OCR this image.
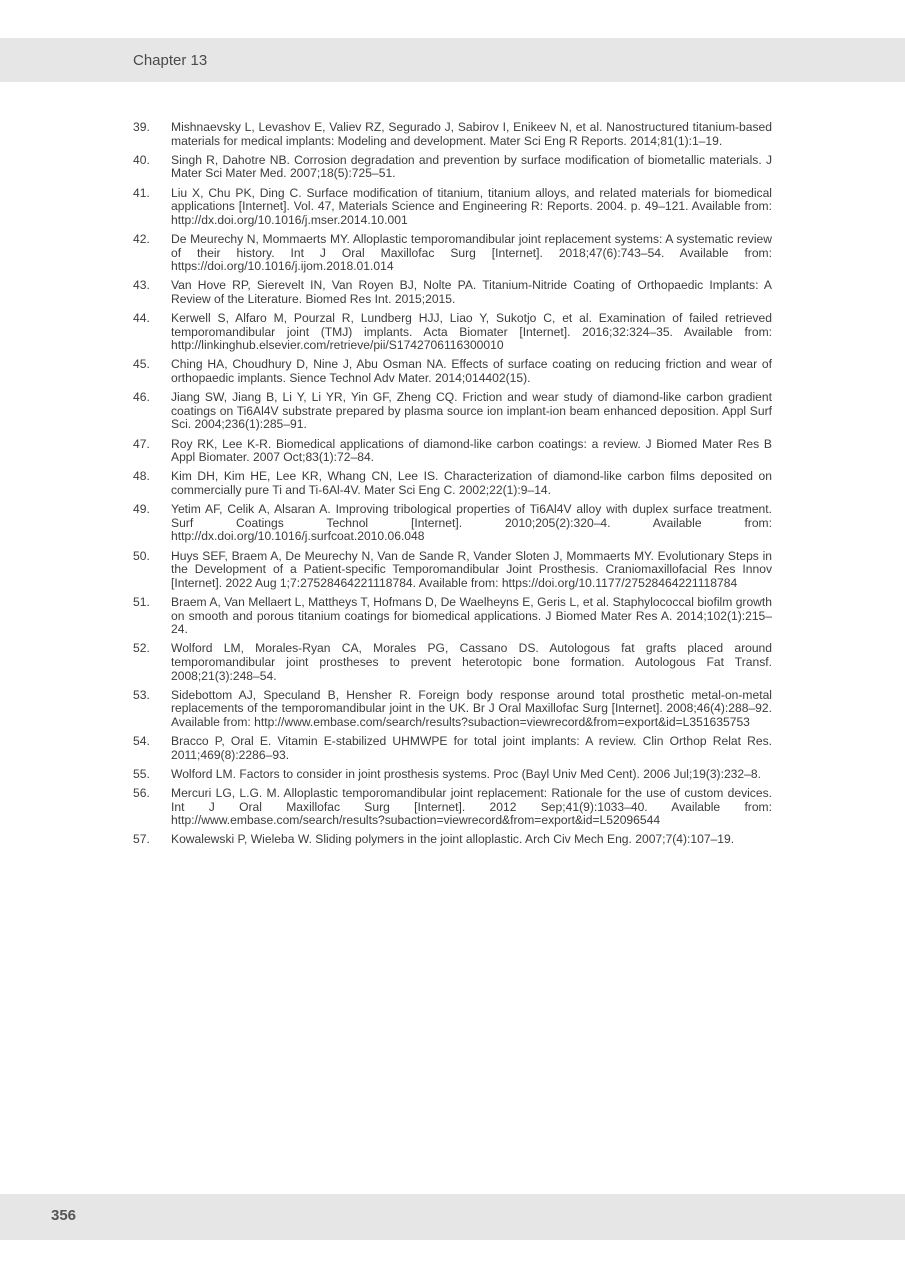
Chapter 13
39.	Mishnaevsky L, Levashov E, Valiev RZ, Segurado J, Sabirov I, Enikeev N, et al. Nanostructured titanium-based materials for medical implants: Modeling and development. Mater Sci Eng R Reports. 2014;81(1):1–19.
40.	Singh R, Dahotre NB. Corrosion degradation and prevention by surface modification of biometallic materials. J Mater Sci Mater Med. 2007;18(5):725–51.
41.	Liu X, Chu PK, Ding C. Surface modification of titanium, titanium alloys, and related materials for biomedical applications [Internet]. Vol. 47, Materials Science and Engineering R: Reports. 2004. p. 49–121. Available from: http://dx.doi.org/10.1016/j.mser.2014.10.001
42.	De Meurechy N, Mommaerts MY. Alloplastic temporomandibular joint replacement systems: A systematic review of their history. Int J Oral Maxillofac Surg [Internet]. 2018;47(6):743–54. Available from: https://doi.org/10.1016/j.ijom.2018.01.014
43.	Van Hove RP, Sierevelt IN, Van Royen BJ, Nolte PA. Titanium-Nitride Coating of Orthopaedic Implants: A Review of the Literature. Biomed Res Int. 2015;2015.
44.	Kerwell S, Alfaro M, Pourzal R, Lundberg HJJ, Liao Y, Sukotjo C, et al. Examination of failed retrieved temporomandibular joint (TMJ) implants. Acta Biomater [Internet]. 2016;32:324–35. Available from: http://linkinghub.elsevier.com/retrieve/pii/S1742706116300010
45.	Ching HA, Choudhury D, Nine J, Abu Osman NA. Effects of surface coating on reducing friction and wear of orthopaedic implants. Sience Technol Adv Mater. 2014;014402(15).
46.	Jiang SW, Jiang B, Li Y, Li YR, Yin GF, Zheng CQ. Friction and wear study of diamond-like carbon gradient coatings on Ti6Al4V substrate prepared by plasma source ion implant-ion beam enhanced deposition. Appl Surf Sci. 2004;236(1):285–91.
47.	Roy RK, Lee K-R. Biomedical applications of diamond-like carbon coatings: a review. J Biomed Mater Res B Appl Biomater. 2007 Oct;83(1):72–84.
48.	Kim DH, Kim HE, Lee KR, Whang CN, Lee IS. Characterization of diamond-like carbon films deposited on commercially pure Ti and Ti-6Al-4V. Mater Sci Eng C. 2002;22(1):9–14.
49.	Yetim AF, Celik A, Alsaran A. Improving tribological properties of Ti6Al4V alloy with duplex surface treatment. Surf Coatings Technol [Internet]. 2010;205(2):320–4. Available from: http://dx.doi.org/10.1016/j.surfcoat.2010.06.048
50.	Huys SEF, Braem A, De Meurechy N, Van de Sande R, Vander Sloten J, Mommaerts MY. Evolutionary Steps in the Development of a Patient-specific Temporomandibular Joint Prosthesis. Craniomaxillofacial Res Innov [Internet]. 2022 Aug 1;7:27528464221118784. Available from: https://doi.org/10.1177/27528464221118784
51.	Braem A, Van Mellaert L, Mattheys T, Hofmans D, De Waelheyns E, Geris L, et al. Staphylococcal biofilm growth on smooth and porous titanium coatings for biomedical applications. J Biomed Mater Res A. 2014;102(1):215–24.
52.	Wolford LM, Morales-Ryan CA, Morales PG, Cassano DS. Autologous fat grafts placed around temporomandibular joint prostheses to prevent heterotopic bone formation. Autologous Fat Transf. 2008;21(3):248–54.
53.	Sidebottom AJ, Speculand B, Hensher R. Foreign body response around total prosthetic metal-on-metal replacements of the temporomandibular joint in the UK. Br J Oral Maxillofac Surg [Internet]. 2008;46(4):288–92. Available from: http://www.embase.com/search/results?subaction=viewrecord&from=export&id=L351635753
54.	Bracco P, Oral E. Vitamin E-stabilized UHMWPE for total joint implants: A review. Clin Orthop Relat Res. 2011;469(8):2286–93.
55.	Wolford LM. Factors to consider in joint prosthesis systems. Proc (Bayl Univ Med Cent). 2006 Jul;19(3):232–8.
56.	Mercuri LG, L.G. M. Alloplastic temporomandibular joint replacement: Rationale for the use of custom devices. Int J Oral Maxillofac Surg [Internet]. 2012 Sep;41(9):1033–40. Available from: http://www.embase.com/search/results?subaction=viewrecord&from=export&id=L52096544
57.	Kowalewski P, Wieleba W. Sliding polymers in the joint alloplastic. Arch Civ Mech Eng. 2007;7(4):107–19.
356
